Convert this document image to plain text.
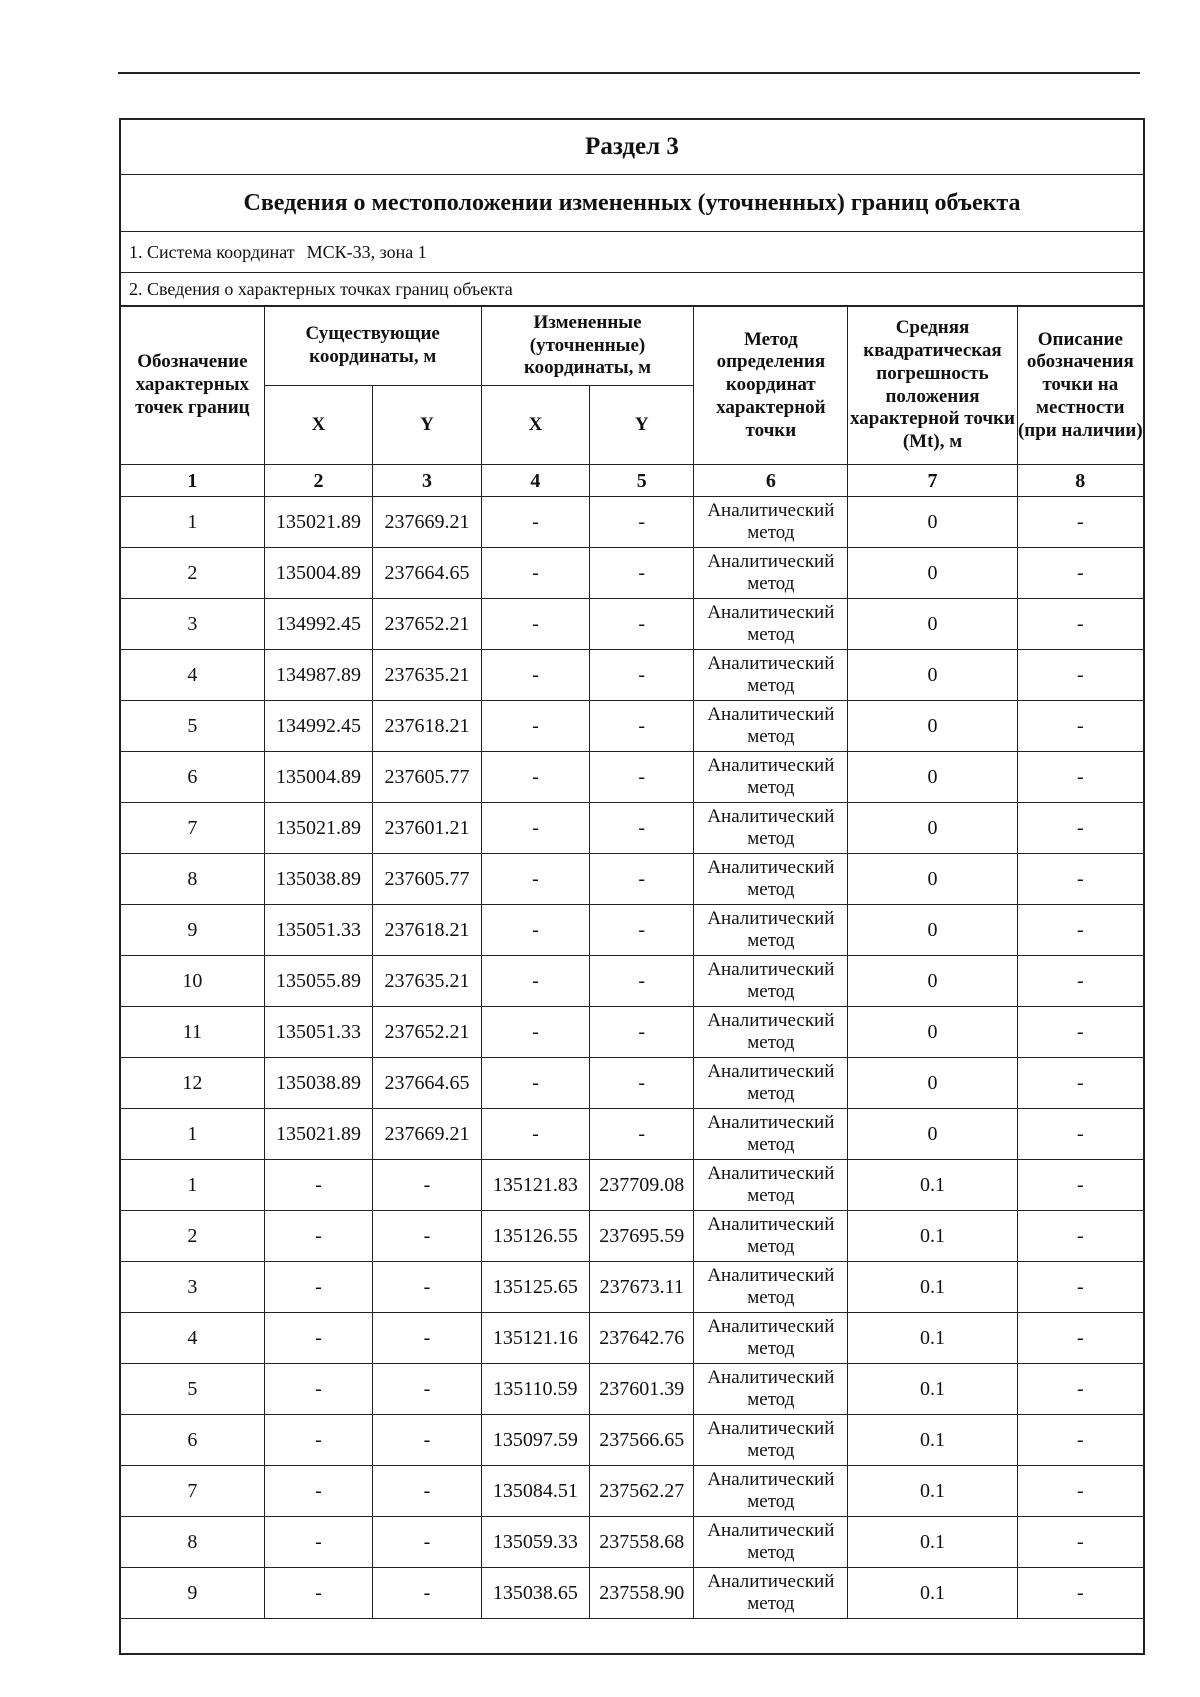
Раздел 3
Сведения о местоположении измененных (уточненных) границ объекта
1. Система координат МСК-33, зона 1
2. Сведения о характерных точках границ объекта
Обозначение характерных точек границ	Существующие координаты, м		Измененные (уточненные) координаты, м		Метод определения координат характерной точки	Средняя квадратическая погрешность положения характерной точки (Mt), м	Описание обозначения точки на местности (при наличии)
	X	Y	X	Y			
1	2	3	4	5	6	7	8
1	135021.89	237669.21	-	-	Аналитический метод	0	-
2	135004.89	237664.65	-	-	Аналитический метод	0	-
3	134992.45	237652.21	-	-	Аналитический метод	0	-
4	134987.89	237635.21	-	-	Аналитический метод	0	-
5	134992.45	237618.21	-	-	Аналитический метод	0	-
6	135004.89	237605.77	-	-	Аналитический метод	0	-
7	135021.89	237601.21	-	-	Аналитический метод	0	-
8	135038.89	237605.77	-	-	Аналитический метод	0	-
9	135051.33	237618.21	-	-	Аналитический метод	0	-
10	135055.89	237635.21	-	-	Аналитический метод	0	-
11	135051.33	237652.21	-	-	Аналитический метод	0	-
12	135038.89	237664.65	-	-	Аналитический метод	0	-
1	135021.89	237669.21	-	-	Аналитический метод	0	-
1	-	-	135121.83	237709.08	Аналитический метод	0.1	-
2	-	-	135126.55	237695.59	Аналитический метод	0.1	-
3	-	-	135125.65	237673.11	Аналитический метод	0.1	-
4	-	-	135121.16	237642.76	Аналитический метод	0.1	-
5	-	-	135110.59	237601.39	Аналитический метод	0.1	-
6	-	-	135097.59	237566.65	Аналитический метод	0.1	-
7	-	-	135084.51	237562.27	Аналитический метод	0.1	-
8	-	-	135059.33	237558.68	Аналитический метод	0.1	-
9	-	-	135038.65	237558.90	Аналитический метод	0.1	-
